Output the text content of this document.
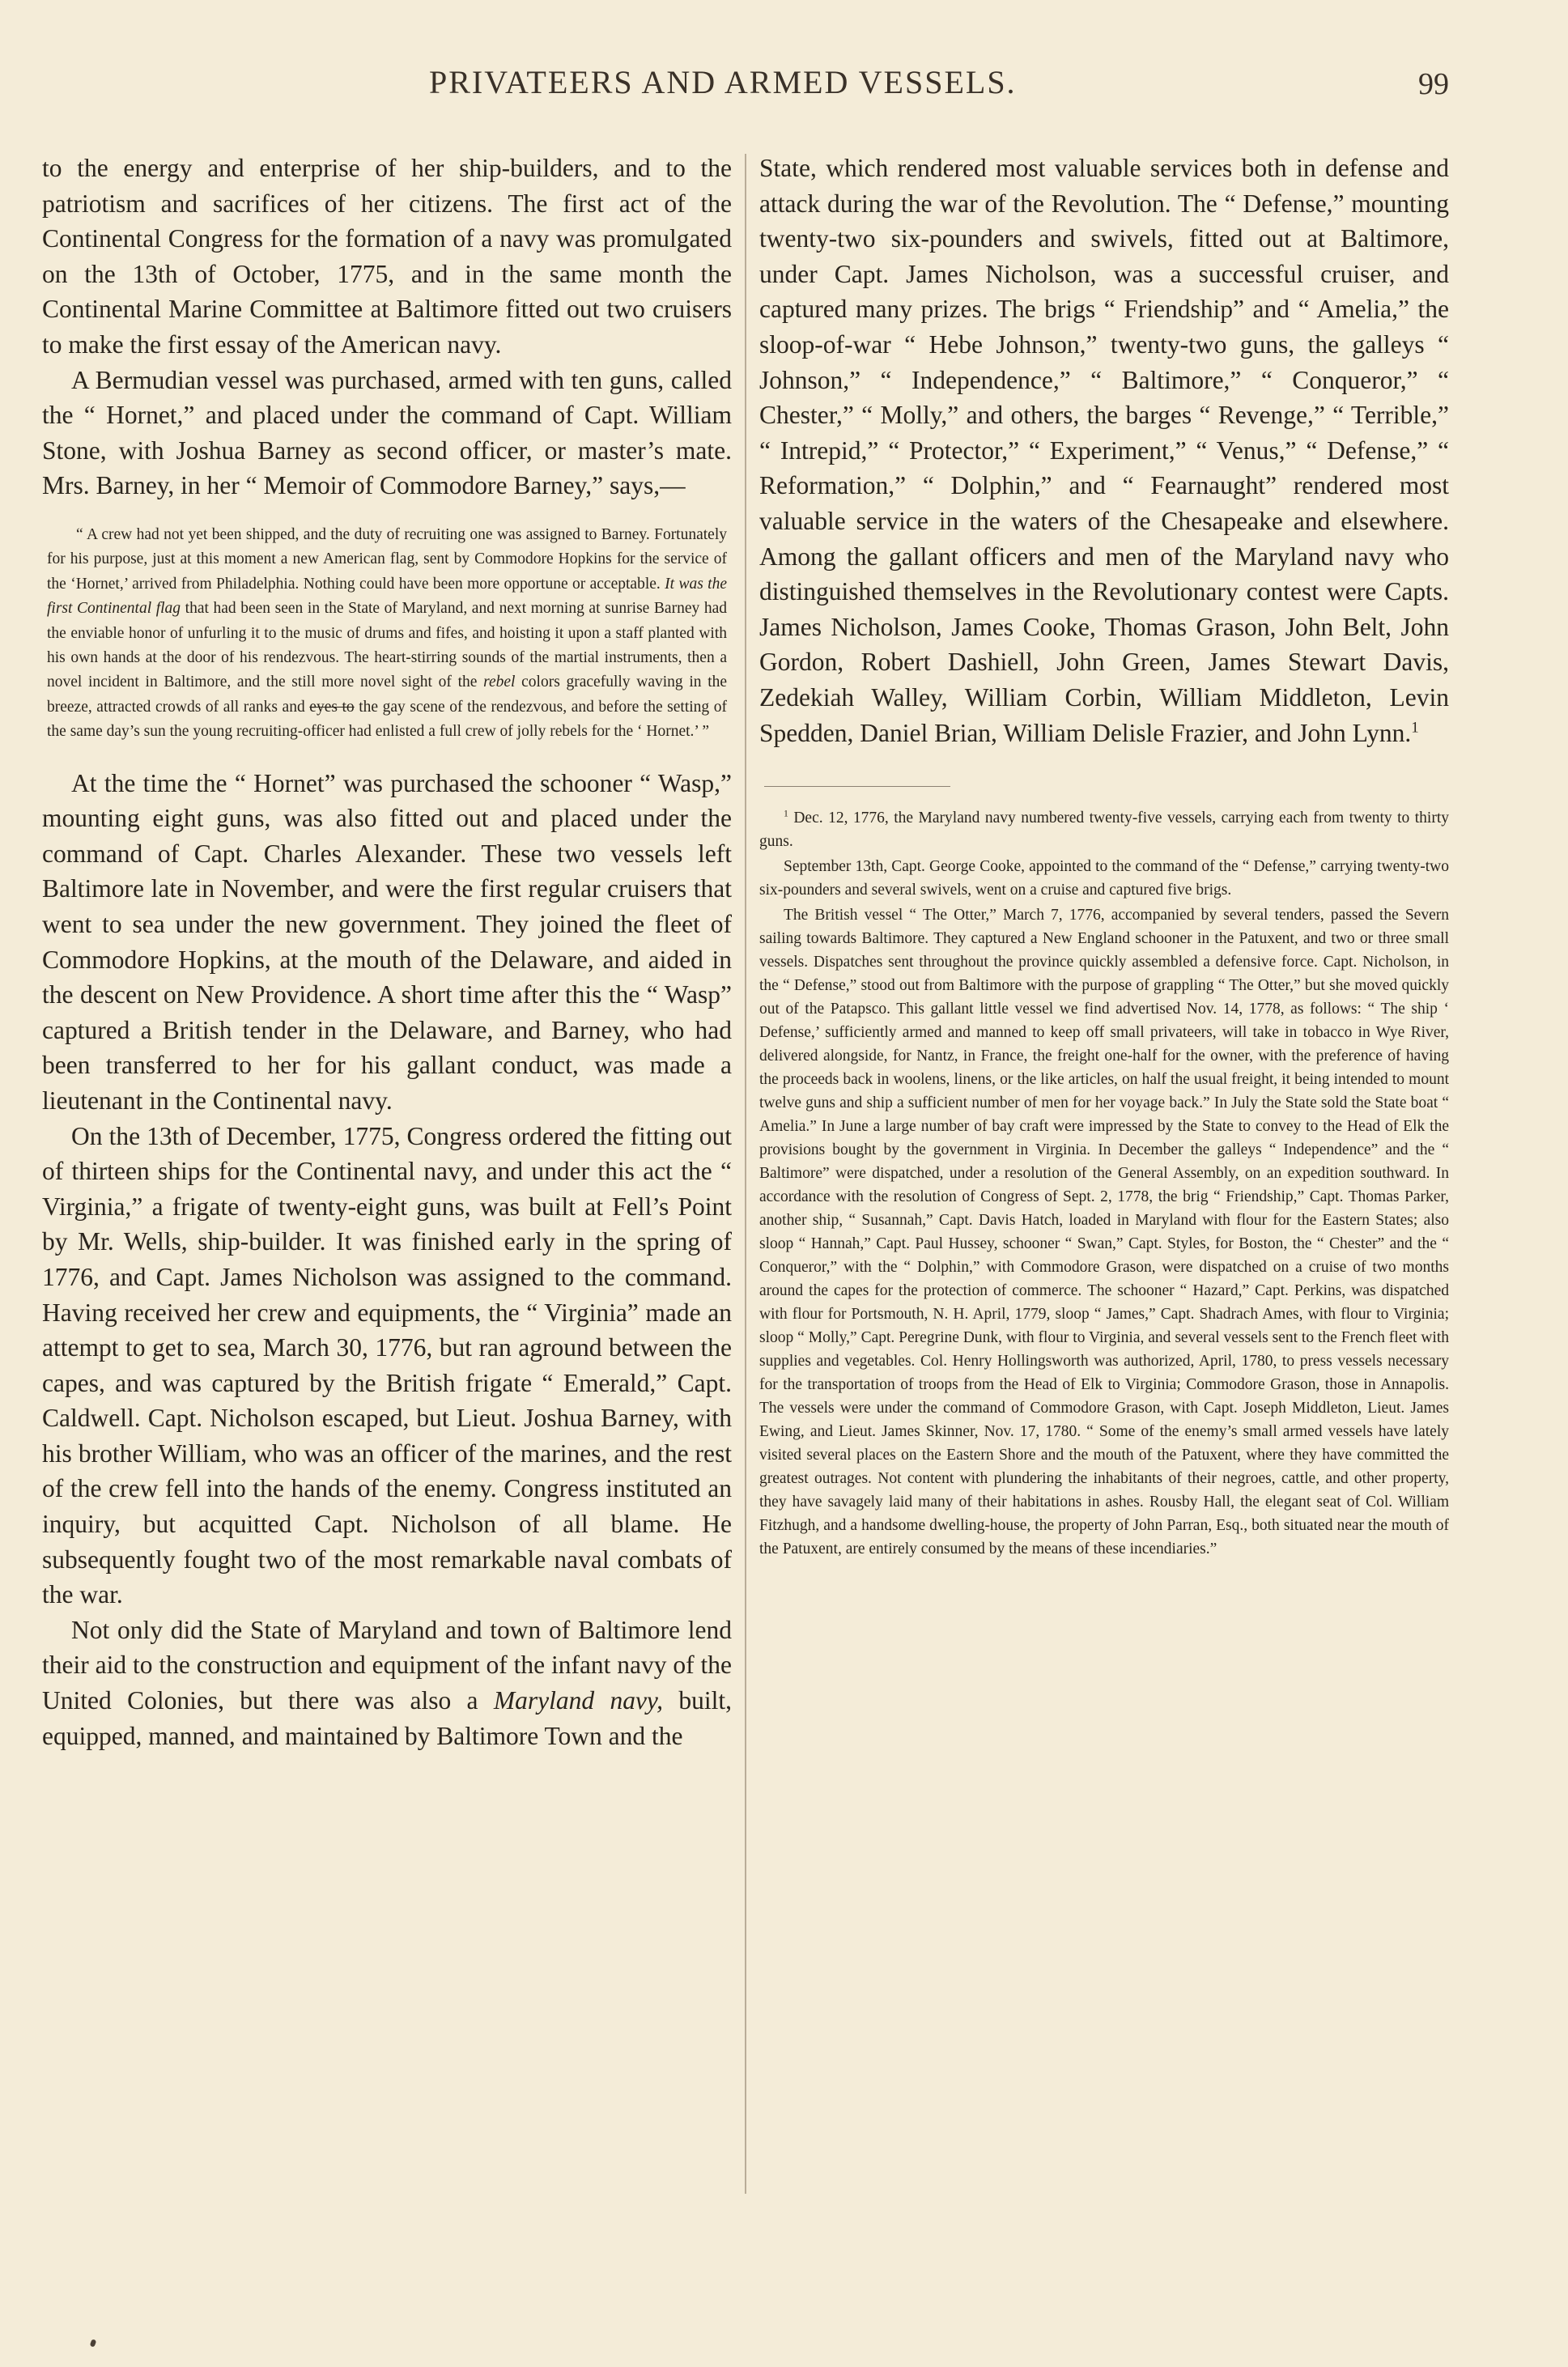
PRIVATEERS AND ARMED VESSELS.	99

to the energy and enterprise of her ship-builders, and to the patriotism and sacrifices of her citizens. The first act of the Continental Congress for the formation of a navy was promulgated on the 13th of October, 1775, and in the same month the Continental Marine Committee at Baltimore fitted out two cruisers to make the first essay of the American navy.

A Bermudian vessel was purchased, armed with ten guns, called the “ Hornet,” and placed under the command of Capt. William Stone, with Joshua Barney as second officer, or master’s mate. Mrs. Barney, in her “ Memoir of Commodore Barney,” says,—

“ A crew had not yet been shipped, and the duty of recruiting one was assigned to Barney. Fortunately for his purpose, just at this moment a new American flag, sent by Commodore Hopkins for the service of the ‘Hornet,’ arrived from Philadelphia. Nothing could have been more opportune or acceptable. It was the first Continental flag that had been seen in the State of Maryland, and next morning at sunrise Barney had the enviable honor of unfurling it to the music of drums and fifes, and hoisting it upon a staff planted with his own hands at the door of his rendezvous. The heart-stirring sounds of the martial instruments, then a novel incident in Baltimore, and the still more novel sight of the rebel colors gracefully waving in the breeze, attracted crowds of all ranks and eyes to the gay scene of the rendezvous, and before the setting of the same day’s sun the young recruiting-officer had enlisted a full crew of jolly rebels for the ‘ Hornet.’ ”

At the time the “ Hornet” was purchased the schooner “ Wasp,” mounting eight guns, was also fitted out and placed under the command of Capt. Charles Alexander. These two vessels left Baltimore late in November, and were the first regular cruisers that went to sea under the new government. They joined the fleet of Commodore Hopkins, at the mouth of the Delaware, and aided in the descent on New Providence. A short time after this the “ Wasp” captured a British tender in the Delaware, and Barney, who had been transferred to her for his gallant conduct, was made a lieutenant in the Continental navy.

On the 13th of December, 1775, Congress ordered the fitting out of thirteen ships for the Continental navy, and under this act the “ Virginia,” a frigate of twenty-eight guns, was built at Fell’s Point by Mr. Wells, ship-builder. It was finished early in the spring of 1776, and Capt. James Nicholson was assigned to the command. Having received her crew and equipments, the “ Virginia” made an attempt to get to sea, March 30, 1776, but ran aground between the capes, and was captured by the British frigate “ Emerald,” Capt. Caldwell. Capt. Nicholson escaped, but Lieut. Joshua Barney, with his brother William, who was an officer of the marines, and the rest of the crew fell into the hands of the enemy. Congress instituted an inquiry, but acquitted Capt. Nicholson of all blame. He subsequently fought two of the most remarkable naval combats of the war.

Not only did the State of Maryland and town of Baltimore lend their aid to the construction and equipment of the infant navy of the United Colonies, but there was also a Maryland navy, built, equipped, manned, and maintained by Baltimore Town and the

State, which rendered most valuable services both in defense and attack during the war of the Revolution. The “ Defense,” mounting twenty-two six-pounders and swivels, fitted out at Baltimore, under Capt. James Nicholson, was a successful cruiser, and captured many prizes. The brigs “ Friendship” and “ Amelia,” the sloop-of-war “ Hebe Johnson,” twenty-two guns, the galleys “ Johnson,” “ Independence,” “ Baltimore,” “ Conqueror,” “ Chester,” “ Molly,” and others, the barges “ Revenge,” “ Terrible,” “ Intrepid,” “ Protector,” “ Experiment,” “ Venus,” “ Defense,” “ Reformation,” “ Dolphin,” and “ Fearnaught” rendered most valuable service in the waters of the Chesapeake and elsewhere. Among the gallant officers and men of the Maryland navy who distinguished themselves in the Revolutionary contest were Capts. James Nicholson, James Cooke, Thomas Grason, John Belt, John Gordon, Robert Dashiell, John Green, James Stewart Davis, Zedekiah Walley, William Corbin, William Middleton, Levin Spedden, Daniel Brian, William Delisle Frazier, and John Lynn.$^1$

$^1$ Dec. 12, 1776, the Maryland navy numbered twenty-five vessels, carrying each from twenty to thirty guns.

September 13th, Capt. George Cooke, appointed to the command of the “ Defense,” carrying twenty-two six-pounders and several swivels, went on a cruise and captured five brigs.

The British vessel “ The Otter,” March 7, 1776, accompanied by several tenders, passed the Severn sailing towards Baltimore. They captured a New England schooner in the Patuxent, and two or three small vessels. Dispatches sent throughout the province quickly assembled a defensive force. Capt. Nicholson, in the “ Defense,” stood out from Baltimore with the purpose of grappling “ The Otter,” but she moved quickly out of the Patapsco. This gallant little vessel we find advertised Nov. 14, 1778, as follows: “ The ship ‘ Defense,’ sufficiently armed and manned to keep off small privateers, will take in tobacco in Wye River, delivered alongside, for Nantz, in France, the freight one-half for the owner, with the preference of having the proceeds back in woolens, linens, or the like articles, on half the usual freight, it being intended to mount twelve guns and ship a sufficient number of men for her voyage back.” In July the State sold the State boat “ Amelia.” In June a large number of bay craft were impressed by the State to convey to the Head of Elk the provisions bought by the government in Virginia. In December the galleys “ Independence” and the “ Baltimore” were dispatched, under a resolution of the General Assembly, on an expedition southward. In accordance with the resolution of Congress of Sept. 2, 1778, the brig “ Friendship,” Capt. Thomas Parker, another ship, “ Susannah,” Capt. Davis Hatch, loaded in Maryland with flour for the Eastern States; also sloop “ Hannah,” Capt. Paul Hussey, schooner “ Swan,” Capt. Styles, for Boston, the “ Chester” and the “ Conqueror,” with the “ Dolphin,” with Commodore Grason, were dispatched on a cruise of two months around the capes for the protection of commerce. The schooner “ Hazard,” Capt. Perkins, was dispatched with flour for Portsmouth, N. H. April, 1779, sloop “ James,” Capt. Shadrach Ames, with flour to Virginia; sloop “ Molly,” Capt. Peregrine Dunk, with flour to Virginia, and several vessels sent to the French fleet with supplies and vegetables. Col. Henry Hollingsworth was authorized, April, 1780, to press vessels necessary for the transportation of troops from the Head of Elk to Virginia; Commodore Grason, those in Annapolis. The vessels were under the command of Commodore Grason, with Capt. Joseph Middleton, Lieut. James Ewing, and Lieut. James Skinner, Nov. 17, 1780. “ Some of the enemy’s small armed vessels have lately visited several places on the Eastern Shore and the mouth of the Patuxent, where they have committed the greatest outrages. Not content with plundering the inhabitants of their negroes, cattle, and other property, they have savagely laid many of their habitations in ashes. Rousby Hall, the elegant seat of Col. William Fitzhugh, and a handsome dwelling-house, the property of John Parran, Esq., both situated near the mouth of the Patuxent, are entirely consumed by the means of these incendiaries.”
